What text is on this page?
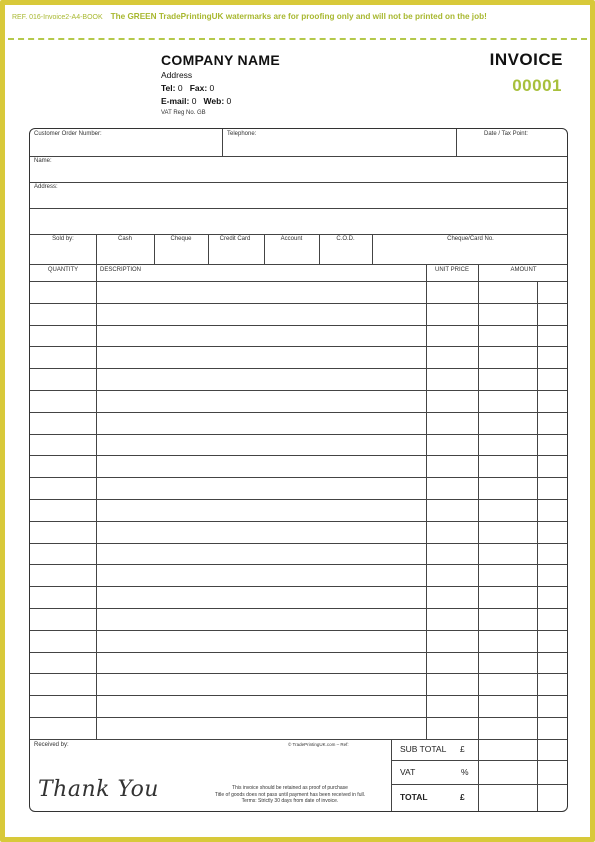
REF. 016-Invoice2-A4-BOOK The GREEN TradePrintingUK watermarks are for proofing only and will not be printed on the job!
COMPANY NAME
Address
Tel: 0 Fax: 0
E-mail: 0 Web: 0
VAT Reg No. GB
INVOICE
00001
Customer Order Number:	Telephone:	Date / Tax Point:
Name:
Address:
Sold by:	Cash	Cheque	Credit Card	Account	C.O.D.	Cheque/Card No.
QUANTITY	DESCRIPTION	UNIT PRICE	AMOUNT
Received by:	© TradePrintingUK.com – Ref:	SUB TOTAL £
VAT	%
TOTAL	£
This invoice should be retained as proof of purchase
Title of goods does not pass until payment has been received in full.
Terms: Strictly 30 days from date of invoice.
Thank You
